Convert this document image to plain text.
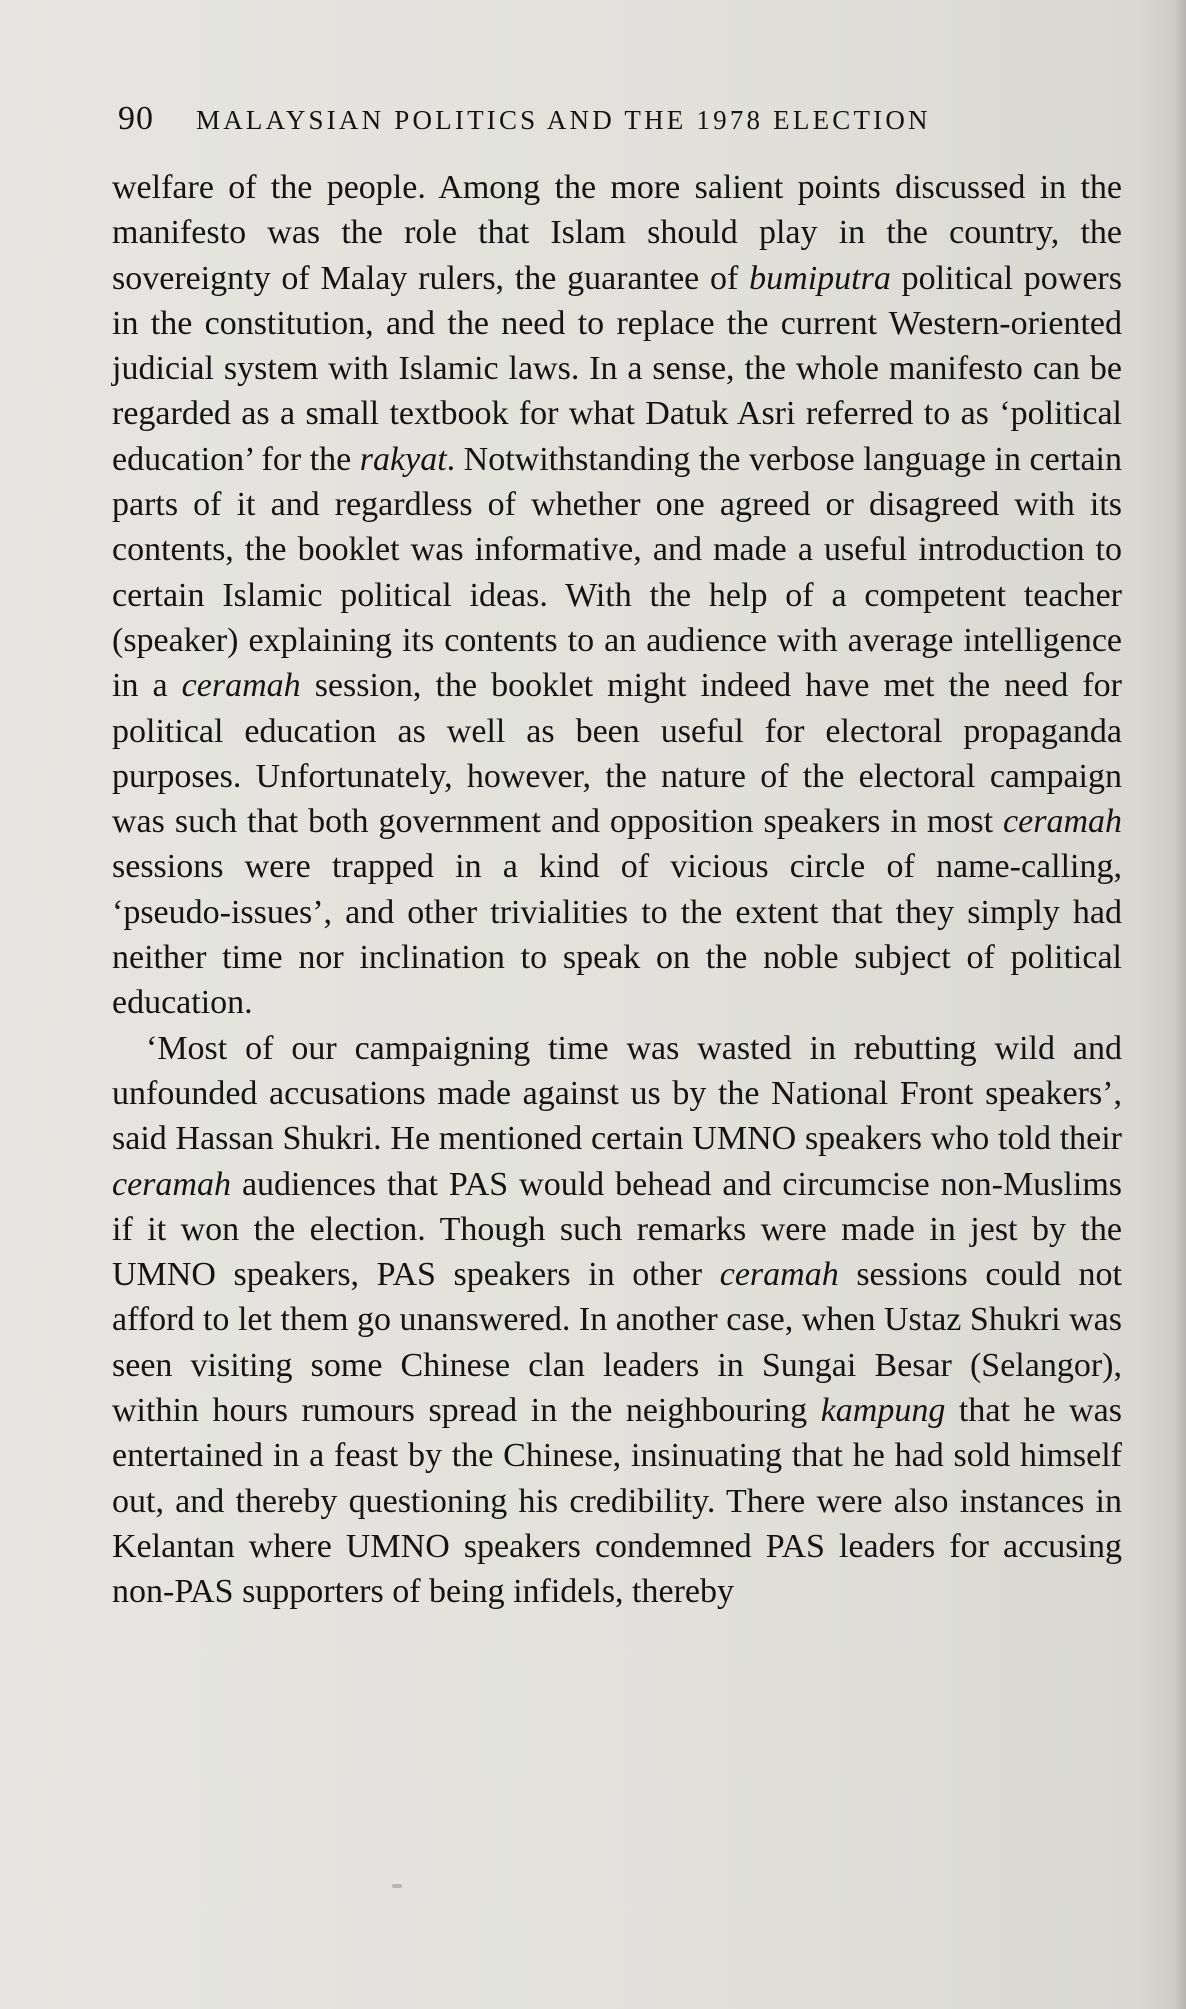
90 MALAYSIAN POLITICS AND THE 1978 ELECTION

welfare of the people. Among the more salient points discussed in the manifesto was the role that Islam should play in the country, the sovereignty of Malay rulers, the guarantee of bumiputra political powers in the constitution, and the need to replace the current Western-oriented judicial system with Islamic laws. In a sense, the whole manifesto can be regarded as a small textbook for what Datuk Asri referred to as ‘political education’ for the rakyat. Notwithstanding the verbose language in certain parts of it and regardless of whether one agreed or disagreed with its contents, the booklet was informative, and made a useful introduction to certain Islamic political ideas. With the help of a competent teacher (speaker) explaining its contents to an audience with average intelligence in a ceramah session, the booklet might indeed have met the need for political education as well as been useful for electoral propaganda purposes. Unfortunately, however, the nature of the electoral campaign was such that both government and opposition speakers in most ceramah sessions were trapped in a kind of vicious circle of name-calling, ‘pseudo-issues’, and other trivialities to the extent that they simply had neither time nor inclination to speak on the noble subject of political education.

‘Most of our campaigning time was wasted in rebutting wild and unfounded accusations made against us by the National Front speakers’, said Hassan Shukri. He mentioned certain UMNO speakers who told their ceramah audiences that PAS would behead and circumcise non-Muslims if it won the election. Though such remarks were made in jest by the UMNO speakers, PAS speakers in other ceramah sessions could not afford to let them go unanswered. In another case, when Ustaz Shukri was seen visiting some Chinese clan leaders in Sungai Besar (Selangor), within hours rumours spread in the neighbouring kampung that he was entertained in a feast by the Chinese, insinuating that he had sold himself out, and thereby questioning his credibility. There were also instances in Kelantan where UMNO speakers condemned PAS leaders for accusing non-PAS supporters of being infidels, thereby
